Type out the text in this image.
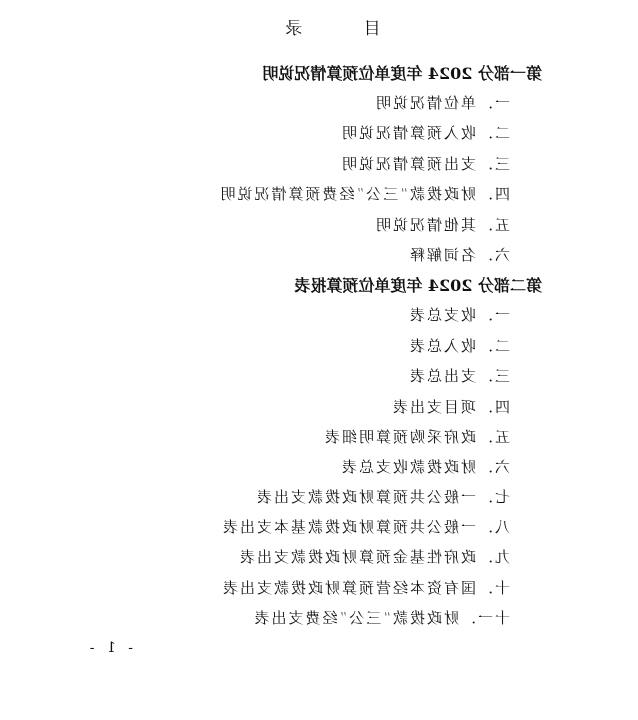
目 录
第一部分 2024 年度单位预算情况说明
一．单位情况说明
二．收入预算情况说明
三．支出预算情况说明
四．财政拨款“三公”经费预算情况说明
五．其他情况说明
六．名词解释
第二部分 2024 年度单位预算报表
一．收支总表
二．收入总表
三．支出总表
四．项目支出表
五．政府采购预算明细表
六．财政拨款收支总表
七．一般公共预算财政拨款支出表
八．一般公共预算财政拨款基本支出表
九．政府性基金预算财政拨款支出表
十．国有资本经营预算财政拨款支出表
十一．财政拨款“三公”经费支出表
- 1 -
